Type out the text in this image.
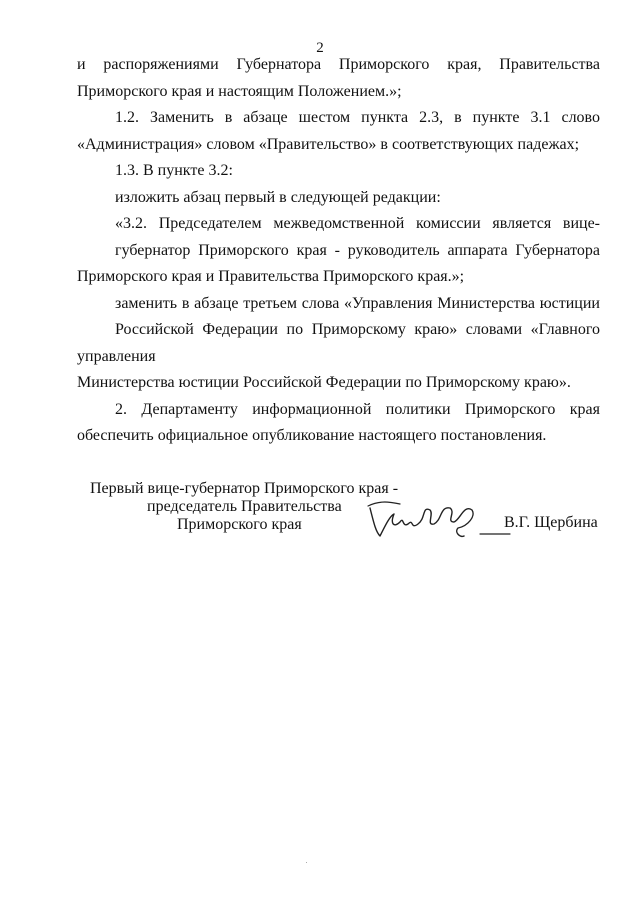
2

и распоряжениями Губернатора Приморского края, Правительства
Приморского края и настоящим Положением.»;

1.2. Заменить в абзаце шестом пункта 2.3, в пункте 3.1 слово
«Администрация» словом «Правительство» в соответствующих падежах;

1.3. В пункте 3.2:

изложить абзац первый в следующей редакции:

«3.2. Председателем межведомственной комиссии является вице-
губернатор Приморского края - руководитель аппарата Губернатора
Приморского края и Правительства Приморского края.»;

заменить в абзаце третьем слова «Управления Министерства юстиции
Российской Федерации по Приморскому краю» словами «Главного управления
Министерства юстиции Российской Федерации по Приморскому краю».

2. Департаменту информационной политики Приморского края
обеспечить официальное опубликование настоящего постановления.

Первый вице-губернатор Приморского края -
председатель Правительства
Приморского края	В.Г. Щербина
